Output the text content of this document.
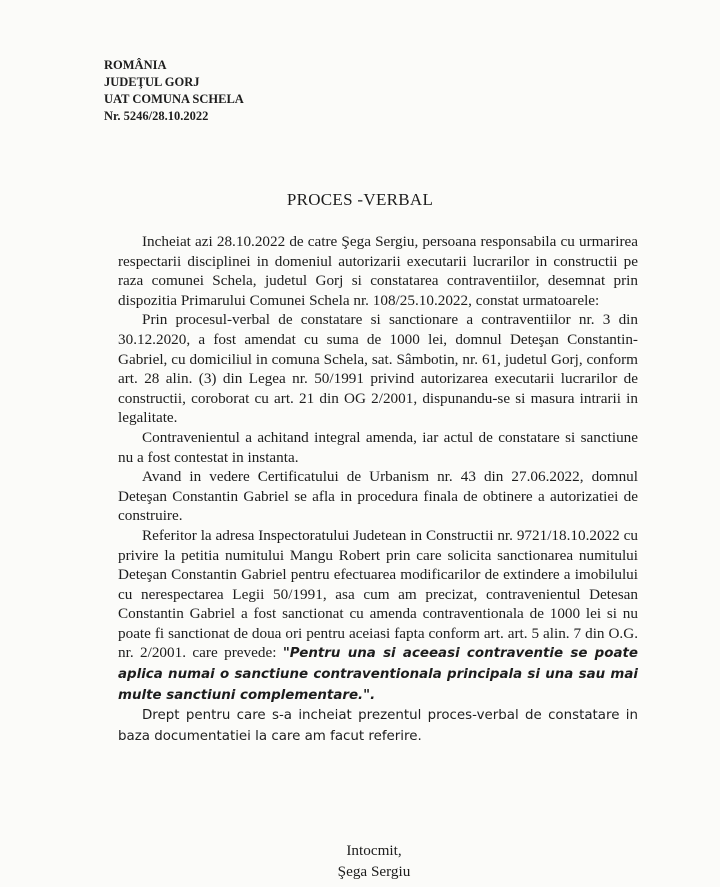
ROMÂNIA
JUDEŢUL GORJ
UAT COMUNA SCHELA
Nr. 5246/28.10.2022
PROCES -VERBAL

Incheiat azi 28.10.2022 de catre Şega Sergiu, persoana responsabila cu urmarirea respectarii disciplinei in domeniul autorizarii executarii lucrarilor in constructii pe raza comunei Schela, judetul Gorj si constatarea contraventiilor, desemnat prin dispozitia Primarului Comunei Schela nr. 108/25.10.2022, constat urmatoarele:

Prin procesul-verbal de constatare si sanctionare a contraventiilor nr. 3 din 30.12.2020, a fost amendat cu suma de 1000 lei, domnul Deteşan Constantin-Gabriel, cu domiciliul in comuna Schela, sat. Sâmbotin, nr. 61, judetul Gorj, conform art. 28 alin. (3) din Legea nr. 50/1991 privind autorizarea executarii lucrarilor de constructii, coroborat cu art. 21 din OG 2/2001, dispunandu-se si masura intrarii in legalitate.

Contravenientul a achitand integral amenda, iar actul de constatare si sanctiune nu a fost contestat in instanta.

Avand in vedere Certificatului de Urbanism nr. 43 din 27.06.2022, domnul Deteşan Constantin Gabriel se afla in procedura finala de obtinere a autorizatiei de construire.

Referitor la adresa Inspectoratului Judetean in Constructii nr. 9721/18.10.2022 cu privire la petitia numitului Mangu Robert prin care solicita sanctionarea numitului Deteşan Constantin Gabriel pentru efectuarea modificarilor de extindere a imobilului cu nerespectarea Legii 50/1991, asa cum am precizat, contravenientul Detesan Constantin Gabriel a fost sanctionat cu amenda contraventionala de 1000 lei si nu poate fi sanctionat de doua ori pentru aceiasi fapta conform art. art. 5 alin. 7 din O.G. nr. 2/2001. care prevede: "Pentru una si aceeasi contraventie se poate aplica numai o sanctiune contraventionala principala si una sau mai multe sanctiuni complementare.".

Drept pentru care s-a incheiat prezentul proces-verbal de constatare in baza documentatiei la care am facut referire.

Intocmit,
Şega Sergiu
